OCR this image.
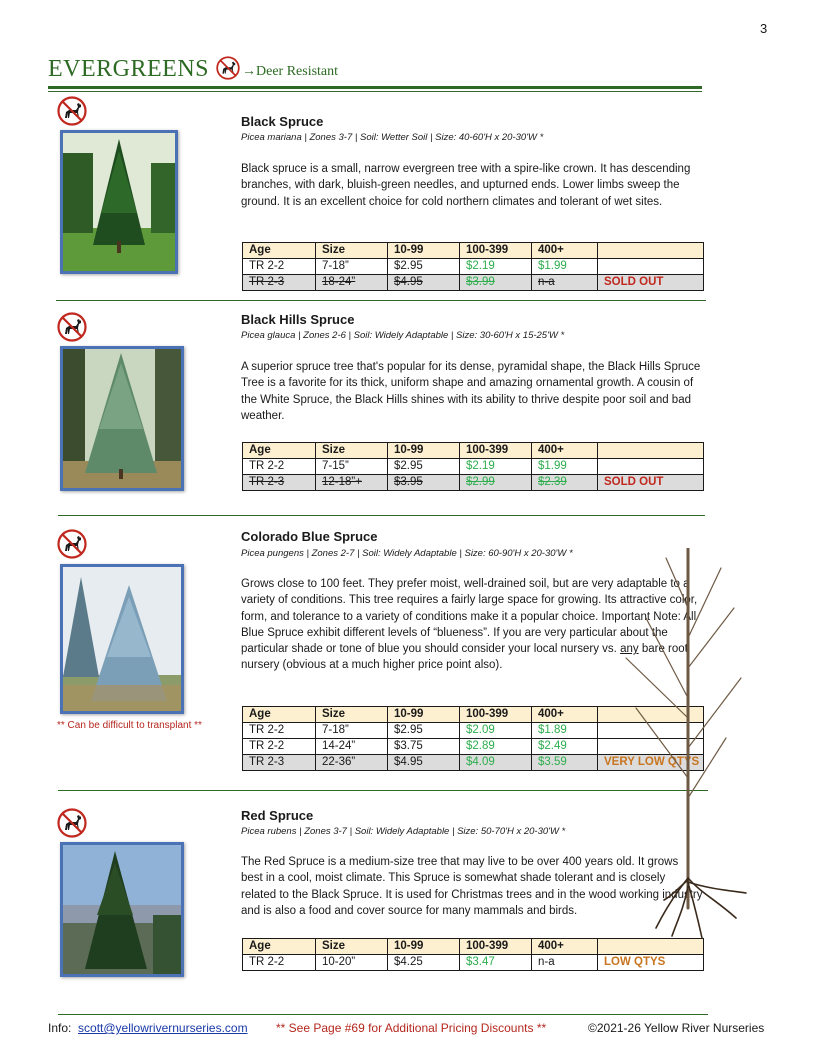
3
EVERGREENS →Deer Resistant
Black Spruce
Picea mariana | Zones 3-7 | Soil: Wetter Soil | Size: 40-60'H x 20-30'W *

Black spruce is a small, narrow evergreen tree with a spire-like crown. It has descending branches, with dark, bluish-green needles, and upturned ends. Lower limbs sweep the ground. It is an excellent choice for cold northern climates and tolerant of wet sites.

Age	Size	10-99	100-399	400+	
TR 2-2	7-18”	$2.95	$2.19	$1.99	
TR 2-3	18-24”	$4.95	$3.99	n-a	SOLD OUT
Black Hills Spruce
Picea glauca | Zones 2-6 | Soil: Widely Adaptable | Size: 30-60'H x 15-25'W *

A superior spruce tree that's popular for its dense, pyramidal shape, the Black Hills Spruce Tree is a favorite for its thick, uniform shape and amazing ornamental growth. A cousin of the White Spruce, the Black Hills shines with its ability to thrive despite poor soil and bad weather.

Age	Size	10-99	100-399	400+	
TR 2-2	7-15”	$2.95	$2.19	$1.99	
TR 2-3	12-18”+	$3.95	$2.99	$2.39	SOLD OUT
** Can be difficult to transplant **
Colorado Blue Spruce
Picea pungens | Zones 2-7 | Soil: Widely Adaptable | Size: 60-90'H x 20-30'W *

Grows close to 100 feet. They prefer moist, well-drained soil, but are very adaptable to a variety of conditions. This tree requires a fairly large space for growing. Its attractive color, form, and tolerance to a variety of conditions make it a popular choice. Important Note: All Blue Spruce exhibit different levels of “blueness”. If you are very particular about the particular shade or tone of blue you should consider your local nursery vs. any bare root nursery (obvious at a much higher price point also).

Age	Size	10-99	100-399	400+	
TR 2-2	7-18”	$2.95	$2.09	$1.89	
TR 2-2	14-24”	$3.75	$2.89	$2.49	
TR 2-3	22-36”	$4.95	$4.09	$3.59	VERY LOW QTYS
Red Spruce
Picea rubens | Zones 3-7 | Soil: Widely Adaptable | Size: 50-70'H x 20-30'W *

The Red Spruce is a medium-size tree that may live to be over 400 years old. It grows best in a cool, moist climate. This Spruce is somewhat shade tolerant and is closely related to the Black Spruce. It is used for Christmas trees and in the wood working industry and is also a food and cover source for many mammals and birds.

Age	Size	10-99	100-399	400+	
TR 2-2	10-20”	$4.25	$3.47	n-a	LOW QTYS
Info: scott@yellowrivernurseries.com ** See Page #69 for Additional Pricing Discounts **	©2021-26 Yellow River Nurseries
